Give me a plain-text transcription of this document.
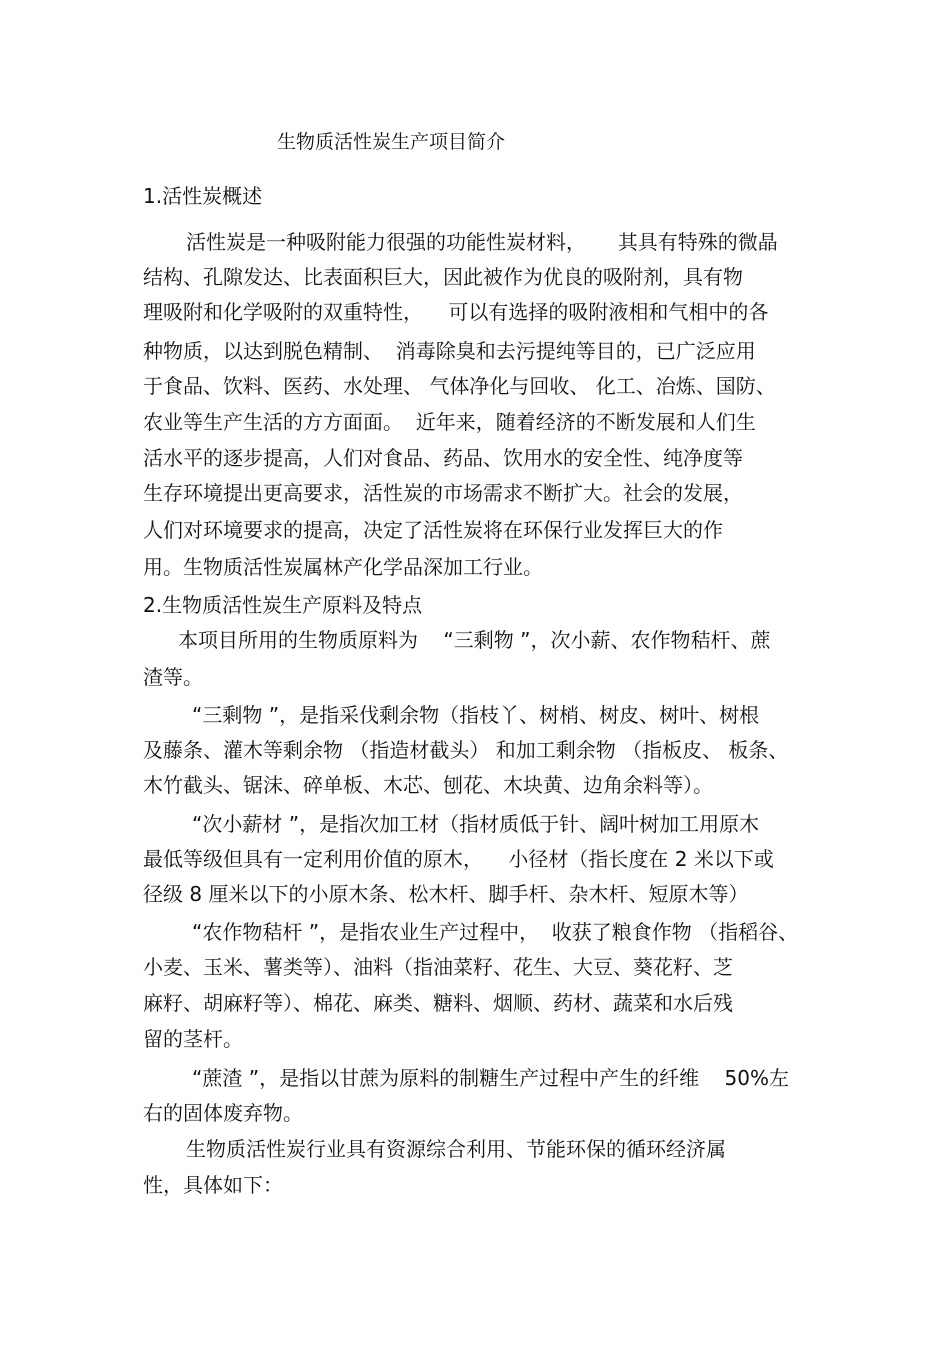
生物质活性炭生产项目简介
1.活性炭概述
活性炭是一种吸附能力很强的功能性炭材料，     其具有特殊的微晶
结构、孔隙发达、比表面积巨大，因此被作为优良的吸附剂，具有物
理吸附和化学吸附的双重特性，    可以有选择的吸附液相和气相中的各
种物质，以达到脱色精制、  消毒除臭和去污提纯等目的，已广泛应用
于食品、饮料、医药、水处理、 气体净化与回收、 化工、冶炼、国防、
农业等生产生活的方方面面。  近年来，随着经济的不断发展和人们生
活水平的逐步提高，人们对食品、药品、饮用水的安全性、纯净度等
生存环境提出更高要求，活性炭的市场需求不断扩大。社会的发展，
人们对环境要求的提高，决定了活性炭将在环保行业发挥巨大的作
用。生物质活性炭属林产化学品深加工行业。
2.生物质活性炭生产原料及特点
本项目所用的生物质原料为    “三剩物 ”，次小薪、农作物秸杆、蔗
渣等。
“三剩物 ”，是指采伐剩余物（指枝丫、树梢、树皮、树叶、树根
及藤条、灌木等剩余物 （指造材截头） 和加工剩余物 （指板皮、 板条、
木竹截头、锯沫、碎单板、木芯、刨花、木块黄、边角余料等）。
“次小薪材 ”，是指次加工材（指材质低于针、阔叶树加工用原木
最低等级但具有一定利用价值的原木，    小径材（指长度在 2 米以下或
径级 8 厘米以下的小原木条、松木杆、脚手杆、杂木杆、短原木等）
“农作物秸杆 ”，是指农业生产过程中，  收获了粮食作物 （指稻谷、
小麦、玉米、薯类等）、油料（指油菜籽、花生、大豆、葵花籽、芝
麻籽、胡麻籽等）、棉花、麻类、糖料、烟顺、药材、蔬菜和水后残
留的茎杆。
“蔗渣 ”，是指以甘蔗为原料的制糖生产过程中产生的纤维    50%左
右的固体废弃物。
生物质活性炭行业具有资源综合利用、节能环保的循环经济属
性，具体如下：
